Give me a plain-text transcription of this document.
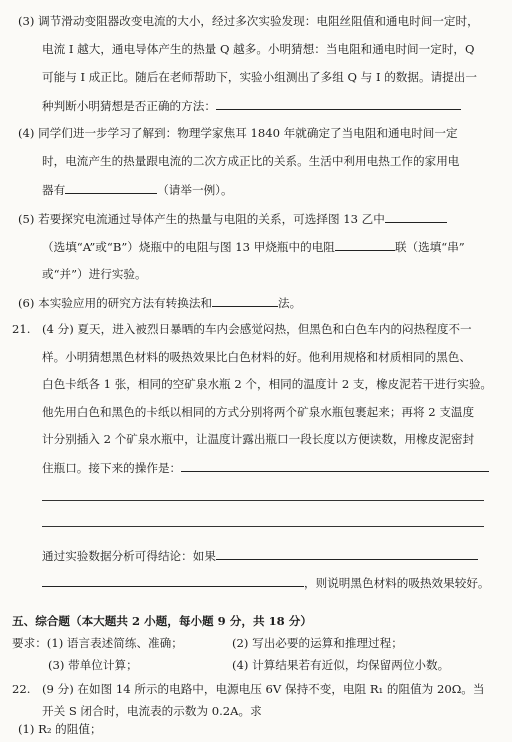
(3) 调节滑动变阻器改变电流的大小，经过多次实验发现：电阻丝阻值和通电时间一定时，
电流 I 越大，通电导体产生的热量 Q 越多。小明猜想：当电阻和通电时间一定时，Q
可能与 I 成正比。随后在老师帮助下，实验小组测出了多组 Q 与 I 的数据。请提出一
种判断小明猜想是否正确的方法：
(4) 同学们进一步学习了解到：物理学家焦耳 1840 年就确定了当电阻和通电时间一定
时，电流产生的热量跟电流的二次方成正比的关系。生活中利用电热工作的家用电
器有	（请举一例）。
(5) 若要探究电流通过导体产生的热量与电阻的关系，可选择图 13 乙中
（选填“A”或“B”）烧瓶中的电阻与图 13 甲烧瓶中的电阻	联（选填“串”
或“并”）进行实验。
(6) 本实验应用的研究方法有转换法和	法。
21.　(4 分) 夏天，进入被烈日暴晒的车内会感觉闷热，但黑色和白色车内的闷热程度不一
样。小明猜想黑色材料的吸热效果比白色材料的好。他利用规格和材质相同的黑色、
白色卡纸各 1 张，相同的空矿泉水瓶 2 个，相同的温度计 2 支，橡皮泥若干进行实验。
他先用白色和黑色的卡纸以相同的方式分别将两个矿泉水瓶包裹起来；再将 2 支温度
计分别插入 2 个矿泉水瓶中，让温度计露出瓶口一段长度以方便读数，用橡皮泥密封
住瓶口。接下来的操作是：
通过实验数据分析可得结论：如果
，则说明黑色材料的吸热效果较好。
五、综合题（本大题共 2 小题，每小题 9 分，共 18 分）
要求：(1) 语言表述简练、准确；	(2) 写出必要的运算和推理过程；
(3) 带单位计算；	(4) 计算结果若有近似，均保留两位小数。
22.　(9 分) 在如图 14 所示的电路中，电源电压 6V 保持不变，电阻 R₁ 的阻值为 20Ω。当
开关 S 闭合时，电流表的示数为 0.2A。求
(1) R₂ 的阻值；
